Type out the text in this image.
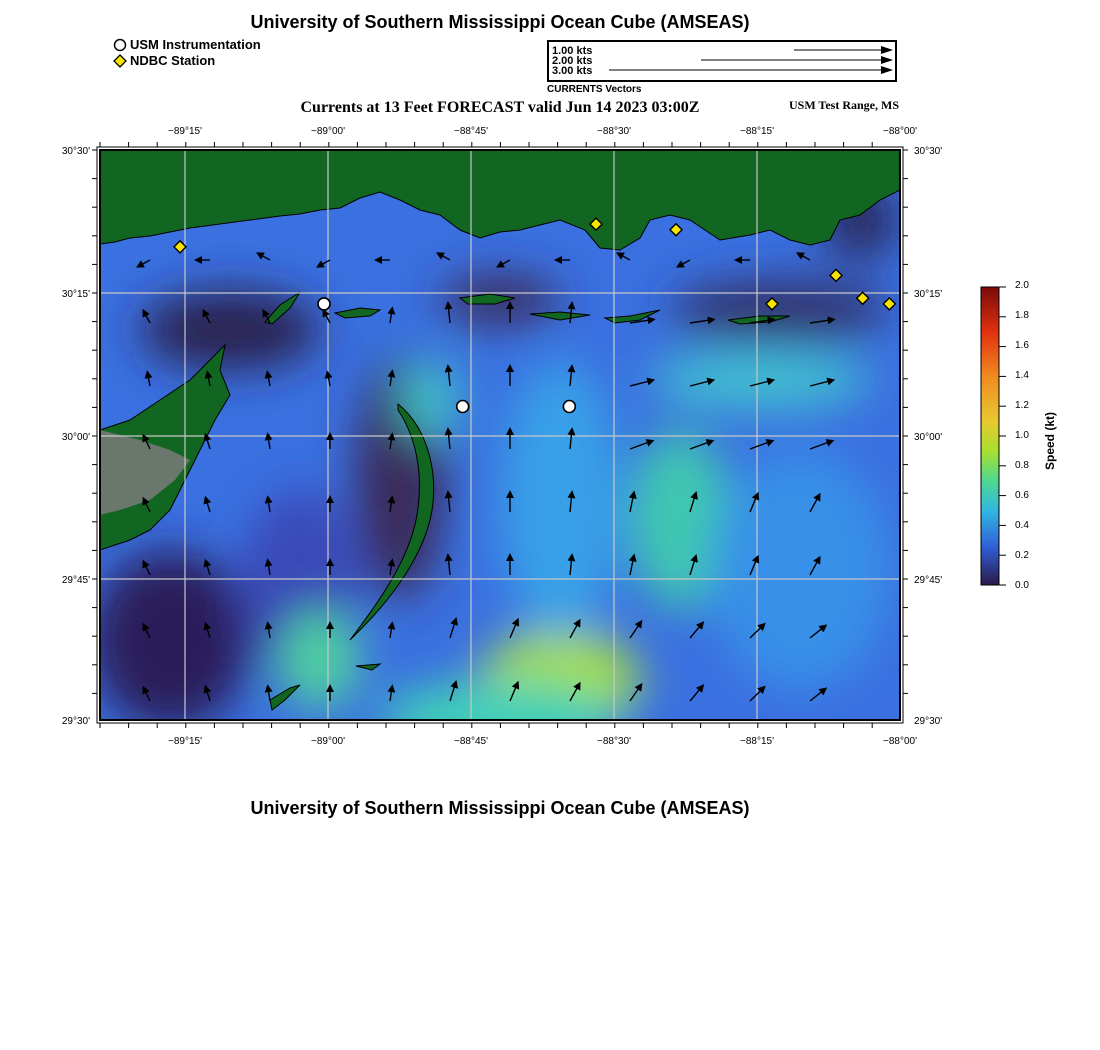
University of Southern Mississippi Ocean Cube (AMSEAS)
USM Instrumentation
NDBC Station
1.00 kts
2.00 kts
3.00 kts
CURRENTS Vectors
Currents at 13 Feet FORECAST valid Jun 14 2023 03:00Z	USM Test Range, MS
−89°15'	−89°00'	−88°45'	−88°30'	−88°15'	−88°00'
−89°15'	−89°00'	−88°45'	−88°30'	−88°15'	−88°00'
30°30'
30°15'
30°00'
29°45'
29°30'
30°30'
30°15'
30°00'
29°45'
29°30'
2.0
1.8
1.6
1.4
1.2
1.0
0.8
0.6
0.4
0.2
0.0
Speed (kt)
University of Southern Mississippi Ocean Cube (AMSEAS)
